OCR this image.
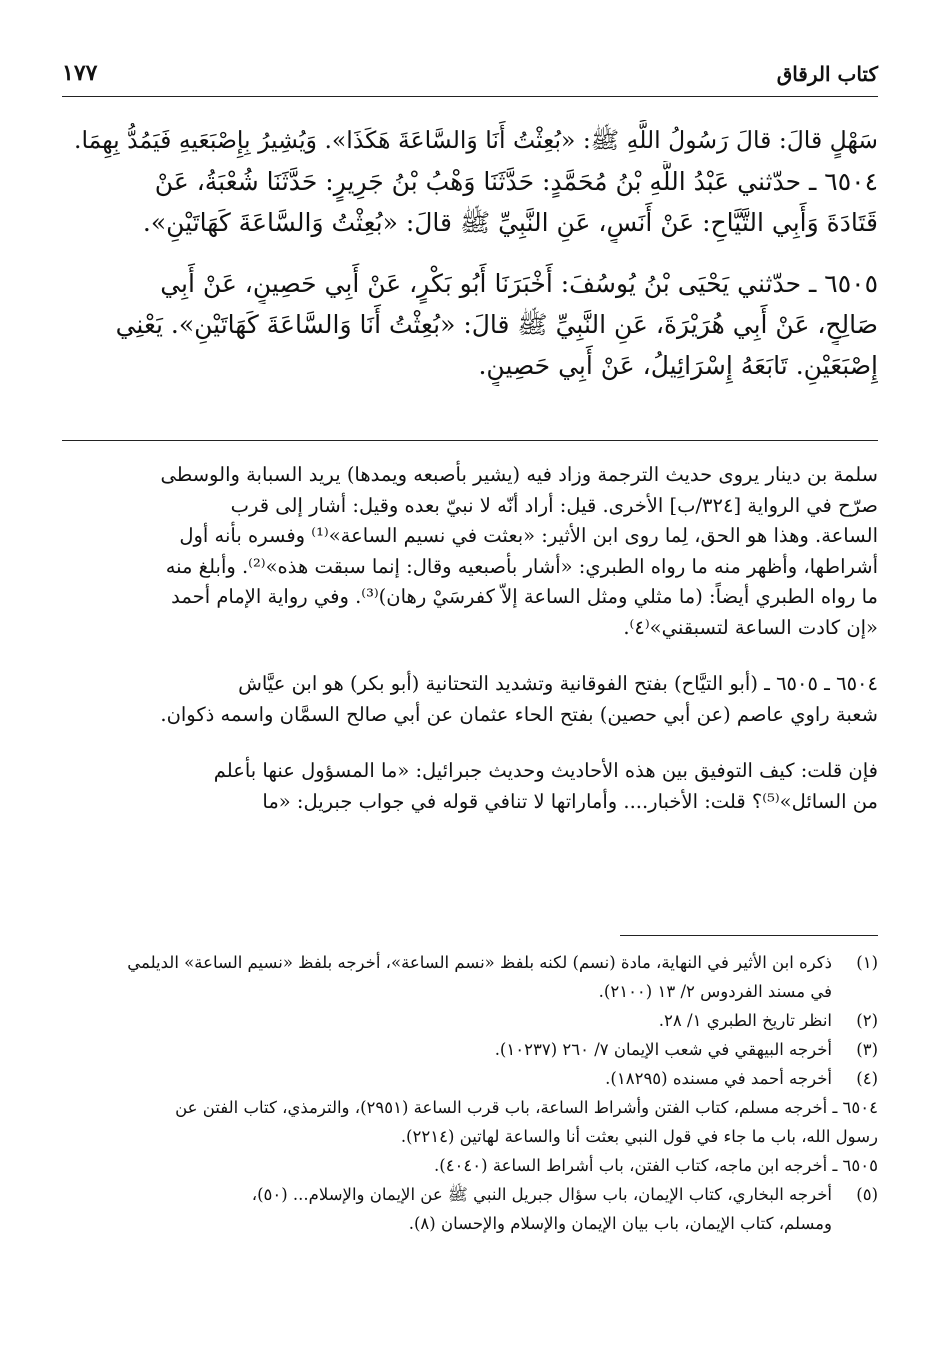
كتاب الرقاق
١٧٧
سَهْلٍ قالَ: قالَ رَسُولُ اللَّهِ ﷺ: «بُعِثْتُ أَنَا وَالسَّاعَةَ هَكَذَا». وَيُشِيرُ بِإِصْبَعَيهِ فَيَمُدُّ بِهِمَا.
٦٥٠٤ ـ حدّثني عَبْدُ اللَّهِ بْنُ مُحَمَّدٍ: حَدَّثَنَا وَهْبُ بْنُ جَرِيرٍ: حَدَّثَنَا شُعْبَةُ، عَنْ
قَتَادَةَ وَأَبِي التَّيَّاحِ: عَنْ أَنَسٍ، عَنِ النَّبِيِّ ﷺ قالَ: «بُعِثْتُ وَالسَّاعَةَ كَهَاتَيْنِ».
٦٥٠٥ ـ حدّثني يَحْيَى بْنُ يُوسُفَ: أَخْبَرَنَا أَبُو بَكْرٍ، عَنْ أَبِي حَصِينٍ، عَنْ أَبِي
صَالِحٍ، عَنْ أَبِي هُرَيْرَةَ، عَنِ النَّبِيِّ ﷺ قالَ: «بُعِثْتُ أَنَا وَالسَّاعَةَ كَهَاتَيْنِ». يَعْنِي
إِصْبَعَيْنِ. تَابَعَهُ إِسْرَائِيلُ، عَنْ أَبِي حَصِينٍ.
سلمة بن دينار يروى حديث الترجمة وزاد فيه (يشير بأصبعه ويمدها) يريد السبابة والوسطى
صرّح في الرواية [٣٢٤/ب] الأخرى. قيل: أراد أنّه لا نبيّ بعده وقيل: أشار إلى قرب
الساعة. وهذا هو الحق، لِما روى ابن الأثير: «بعثت في نسيم الساعة»⁽¹⁾ وفسره بأنه أول
أشراطها، وأظهر منه ما رواه الطبري: «أشار بأصبعيه وقال: إنما سبقت هذه»⁽²⁾. وأبلغ منه
ما رواه الطبري أيضاً: (ما مثلي ومثل الساعة إلاّ كفرسَيْ رهان)⁽³⁾. وفي رواية الإمام أحمد
«إن كادت الساعة لتسبقني»⁽٤⁾.
٦٥٠٤ ـ ٦٥٠٥ ـ (أبو التيَّاح) بفتح الفوقانية وتشديد التحتانية (أبو بكر) هو ابن عيَّاش
شعبة راوي عاصم (عن أبي حصين) بفتح الحاء عثمان عن أبي صالح السمَّان واسمه ذكوان.
فإن قلت: كيف التوفيق بين هذه الأحاديث وحديث جبرائيل: «ما المسؤول عنها بأعلم
من السائل»⁽⁵⁾؟ قلت: الأخبار.... وأماراتها لا تنافي قوله في جواب جبريل: «ما
(١)ذكره ابن الأثير في النهاية، مادة (نسم) لكنه بلفظ «نسم الساعة»، أخرجه بلفظ «نسيم الساعة» الديلمي
في مسند الفردوس ٢/ ١٣ (٢١٠٠).
(٢)انظر تاريخ الطبري ١/ ٢٨.
(٣)أخرجه البيهقي في شعب الإيمان ٧/ ٢٦٠ (١٠٢٣٧).
(٤)أخرجه أحمد في مسنده (١٨٢٩٥).
٦٥٠٤ ـ أخرجه مسلم، كتاب الفتن وأشراط الساعة، باب قرب الساعة (٢٩٥١)، والترمذي، كتاب الفتن عن
رسول الله، باب ما جاء في قول النبي بعثت أنا والساعة لهاتين (٢٢١٤).
٦٥٠٥ ـ أخرجه ابن ماجه، كتاب الفتن، باب أشراط الساعة (٤٠٤٠).
(٥)أخرجه البخاري، كتاب الإيمان، باب سؤال جبريل النبي ﷺ عن الإيمان والإسلام... (٥٠)،
ومسلم، كتاب الإيمان، باب بيان الإيمان والإسلام والإحسان (٨).
